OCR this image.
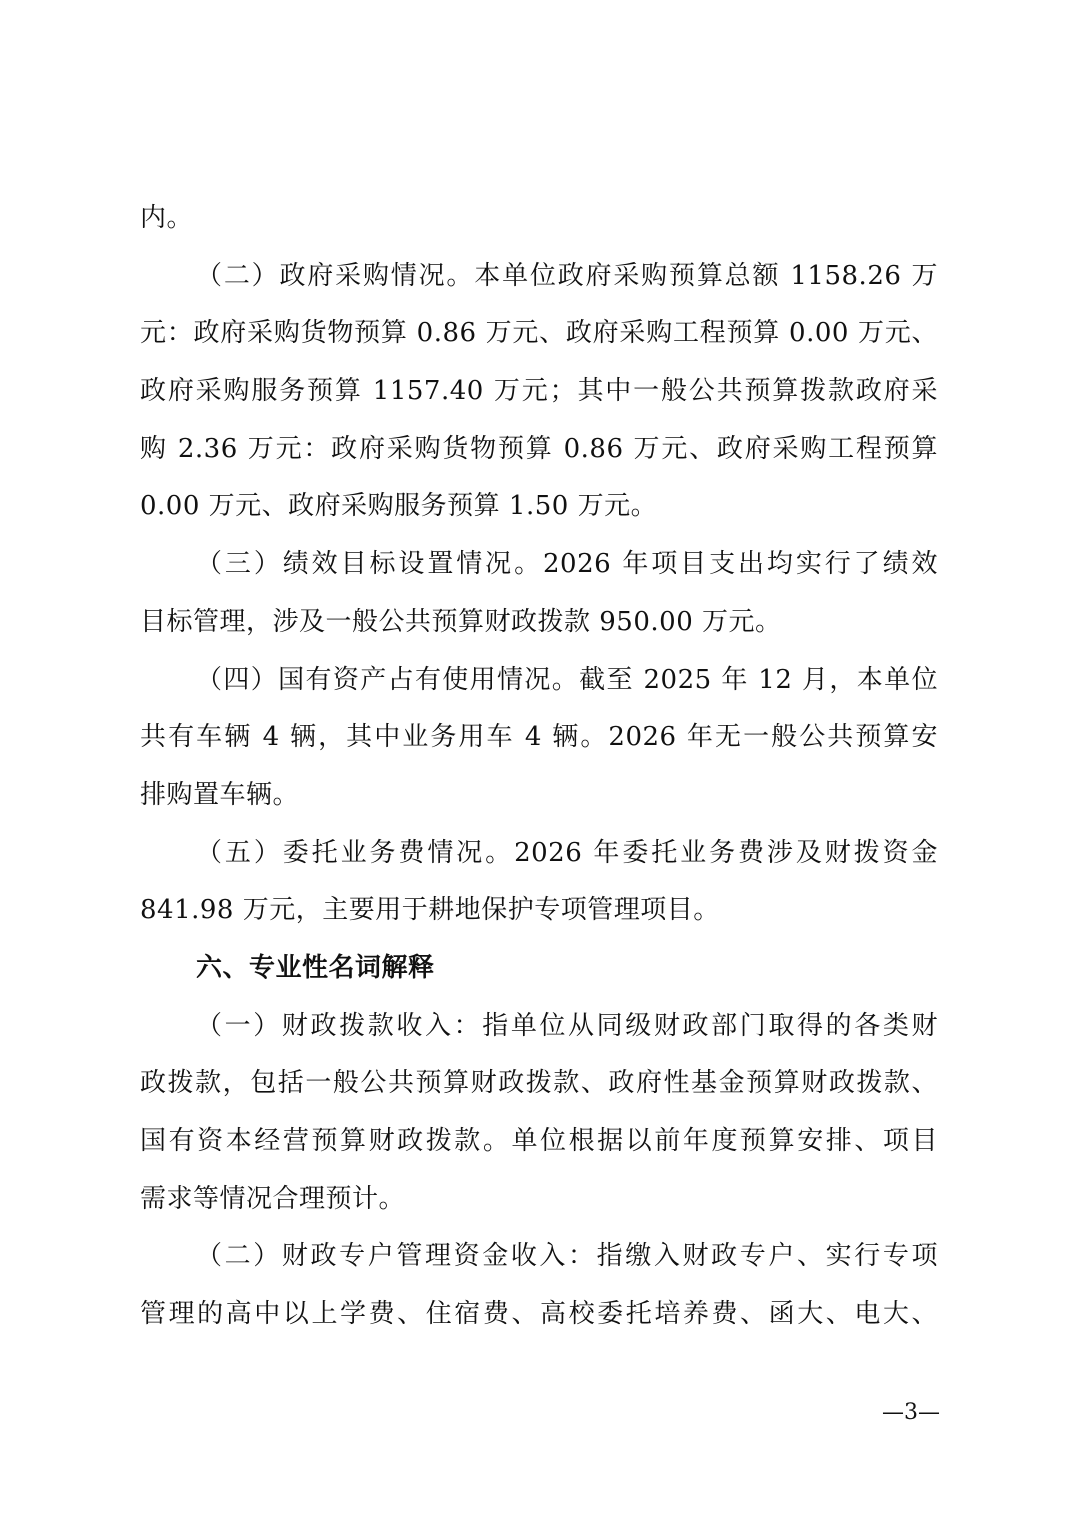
内。
（二）政府采购情况。本单位政府采购预算总额 1158.26 万
元：政府采购货物预算 0.86 万元、政府采购工程预算 0.00 万元、
政府采购服务预算 1157.40 万元；其中一般公共预算拨款政府采
购 2.36 万元：政府采购货物预算 0.86 万元、政府采购工程预算
0.00 万元、政府采购服务预算 1.50 万元。
（三）绩效目标设置情况。2026 年项目支出均实行了绩效
目标管理，涉及一般公共预算财政拨款 950.00 万元。
（四）国有资产占有使用情况。截至 2025 年 12 月，本单位
共有车辆 4 辆，其中业务用车 4 辆。2026 年无一般公共预算安
排购置车辆。
（五）委托业务费情况。2026 年委托业务费涉及财拨资金
841.98 万元，主要用于耕地保护专项管理项目。
六、专业性名词解释
（一）财政拨款收入：指单位从同级财政部门取得的各类财
政拨款，包括一般公共预算财政拨款、政府性基金预算财政拨款、
国有资本经营预算财政拨款。单位根据以前年度预算安排、项目
需求等情况合理预计。
（二）财政专户管理资金收入：指缴入财政专户、实行专项
管理的高中以上学费、住宿费、高校委托培养费、函大、电大、
—3—
